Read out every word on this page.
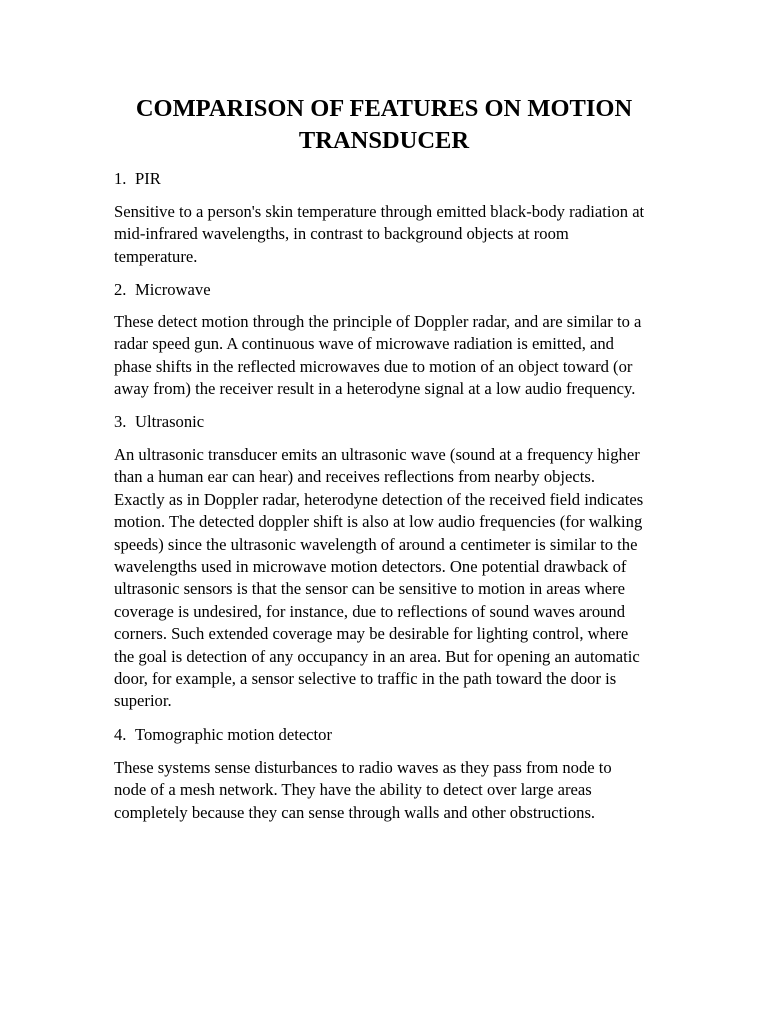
COMPARISON OF FEATURES ON MOTION
TRANSDUCER

1. PIR

Sensitive to a person's skin temperature through emitted black-body radiation at
mid-infrared wavelengths, in contrast to background objects at room
temperature.

2. Microwave

These detect motion through the principle of Doppler radar, and are similar to a
radar speed gun. A continuous wave of microwave radiation is emitted, and
phase shifts in the reflected microwaves due to motion of an object toward (or
away from) the receiver result in a heterodyne signal at a low audio frequency.

3. Ultrasonic

An ultrasonic transducer emits an ultrasonic wave (sound at a frequency higher
than a human ear can hear) and receives reflections from nearby objects.
Exactly as in Doppler radar, heterodyne detection of the received field indicates
motion. The detected doppler shift is also at low audio frequencies (for walking
speeds) since the ultrasonic wavelength of around a centimeter is similar to the
wavelengths used in microwave motion detectors. One potential drawback of
ultrasonic sensors is that the sensor can be sensitive to motion in areas where
coverage is undesired, for instance, due to reflections of sound waves around
corners. Such extended coverage may be desirable for lighting control, where
the goal is detection of any occupancy in an area. But for opening an automatic
door, for example, a sensor selective to traffic in the path toward the door is
superior.

4. Tomographic motion detector

These systems sense disturbances to radio waves as they pass from node to
node of a mesh network. They have the ability to detect over large areas
completely because they can sense through walls and other obstructions.
